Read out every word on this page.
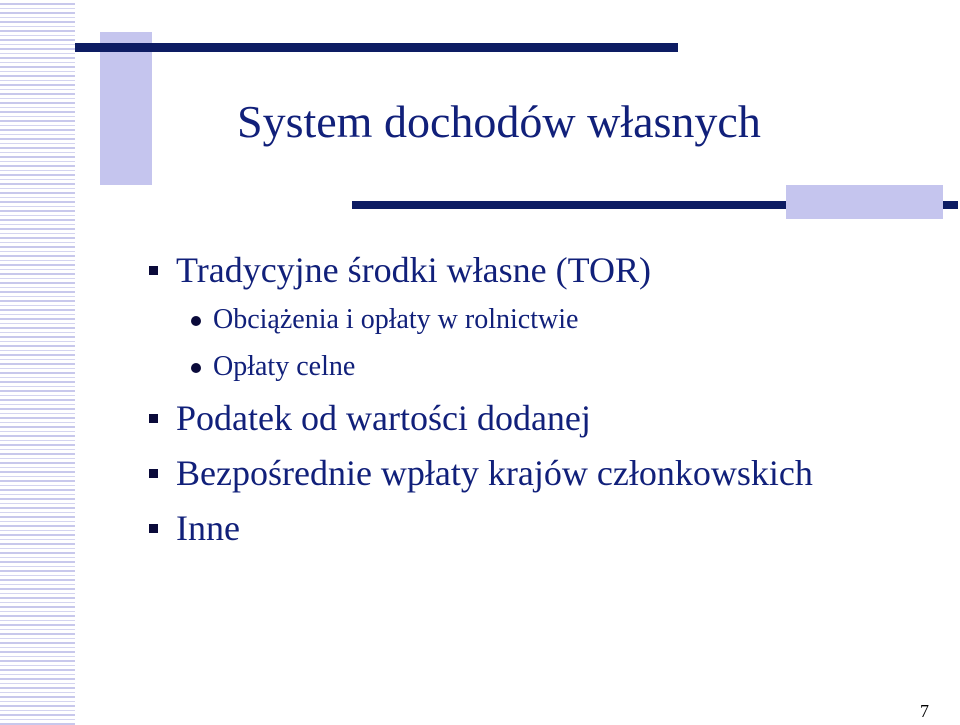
System dochodów własnych
Tradycyjne środki własne (TOR)
Obciążenia i opłaty w rolnictwie
Opłaty celne
Podatek od wartości dodanej
Bezpośrednie wpłaty krajów członkowskich
Inne
7
